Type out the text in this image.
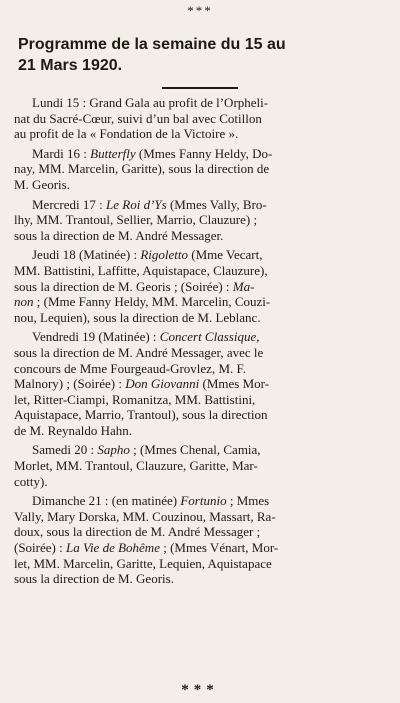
***
Programme de la semaine du 15 au
21 Mars 1920.

Lundi 15 : Grand Gala au profit de l’Orpheli-
nat du Sacré-Cœur, suivi d’un bal avec Cotillon
au profit de la « Fondation de la Victoire ».

Mardi 16 : Butterfly (Mmes Fanny Heldy, Do-
nay, MM. Marcelin, Garitte), sous la direction de
M. Georis.

Mercredi 17 : Le Roi d’Ys (Mmes Vally, Bro-
lhy, MM. Trantoul, Sellier, Marrio, Clauzure) ;
sous la direction de M. André Messager.

Jeudi 18 (Matinée) : Rigoletto (Mme Vecart,
MM. Battistini, Laffitte, Aquistapace, Clauzure),
sous la direction de M. Georis ; (Soirée) : Ma-
non ; (Mme Fanny Heldy, MM. Marcelin, Couzi-
nou, Lequien), sous la direction de M. Leblanc.

Vendredi 19 (Matinée) : Concert Classique,
sous la direction de M. André Messager, avec le
concours de Mme Fourgeaud-Grovlez, M. F.
Malnory) ; (Soirée) : Don Giovanni (Mmes Mor-
let, Ritter-Ciampi, Romanitza, MM. Battistini,
Aquistapace, Marrio, Trantoul), sous la direction
de M. Reynaldo Hahn.

Samedi 20 : Sapho ; (Mmes Chenal, Camia,
Morlet, MM. Trantoul, Clauzure, Garitte, Mar-
cotty).

Dimanche 21 : (en matinée) Fortunio ; Mmes
Vally, Mary Dorska, MM. Couzinou, Massart, Ra-
doux, sous la direction de M. André Messager ;
(Soirée) : La Vie de Bohême ; (Mmes Vénart, Mor-
let, MM. Marcelin, Garitte, Lequien, Aquistapace
sous la direction de M. Georis.

***
